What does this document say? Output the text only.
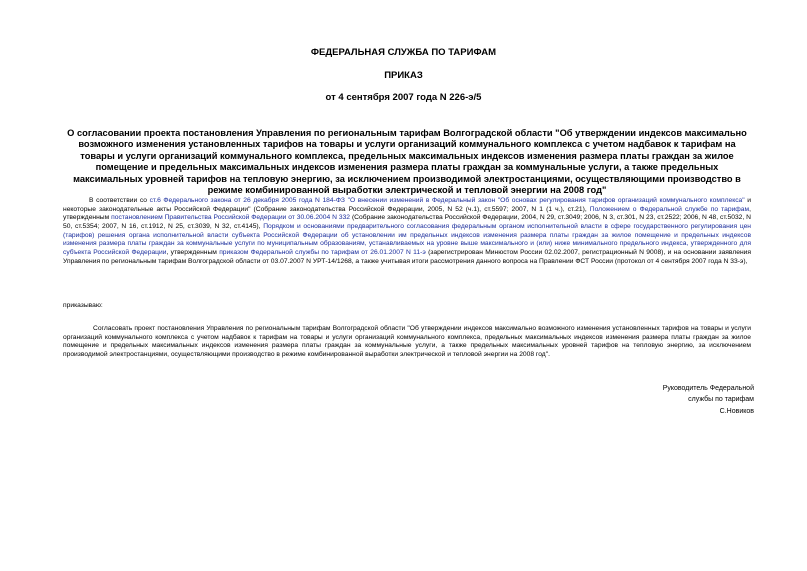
ФЕДЕРАЛЬНАЯ СЛУЖБА ПО ТАРИФАМ
ПРИКАЗ
от 4 сентября 2007 года N 226-э/5
О согласовании проекта постановления Управления по региональным тарифам Волгоградской области "Об утверждении индексов максимально возможного изменения установленных тарифов на товары и услуги организаций коммунального комплекса с учетом надбавок к тарифам на товары и услуги организаций коммунального комплекса, предельных максимальных индексов изменения размера платы граждан за жилое помещение и предельных максимальных индексов изменения размера платы граждан за коммунальные услуги, а также предельных максимальных уровней тарифов на тепловую энергию, за исключением производимой электростанциями, осуществляющими производство в режиме комбинированной выработки электрической и тепловой энергии на 2008 год"
В соответствии со ст.6 Федерального закона от 26 декабря 2005 года N 184-ФЗ "О внесении изменений в Федеральный закон "Об основах регулирования тарифов организаций коммунального комплекса" и некоторые законодательные акты Российской Федерации" (Собрание законодательства Российской Федерации, 2005, N 52 (ч.1), ст.5597; 2007, N 1 (1 ч.), ст.21), Положением о Федеральной службе по тарифам, утвержденным постановлением Правительства Российской Федерации от 30.06.2004 N 332 (Собрание законодательства Российской Федерации, 2004, N 29, ст.3049; 2006, N 3, ст.301, N 23, ст.2522; 2006, N 48, ст.5032, N 50, ст.5354; 2007, N 16, ст.1912, N 25, ст.3039, N 32, ст.4145), Порядком и основаниями предварительного согласования федеральным органом исполнительной власти в сфере государственного регулирования цен (тарифов) решения органа исполнительной власти субъекта Российской Федерации об установлении им предельных индексов изменения размера платы граждан за жилое помещение и предельных индексов изменения размера платы граждан за коммунальные услуги по муниципальным образованиям, устанавливаемых на уровне выше максимального и (или) ниже минимального предельного индекса, утвержденного для субъекта Российской Федерации, утвержденным приказом Федеральной службы по тарифам от 26.01.2007 N 11-э (зарегистрирован Минюстом России 02.02.2007, регистрационный N 9008), и на основании заявления Управления по региональным тарифам Волгоградской области от 03.07.2007 N УРТ-14/1268, а также учитывая итоги рассмотрения данного вопроса на Правлении ФСТ России (протокол от 4 сентября 2007 года N 33-э),
приказываю:
Согласовать проект постановления Управления по региональным тарифам Волгоградской области "Об утверждении индексов максимально возможного изменения установленных тарифов на товары и услуги организаций коммунального комплекса с учетом надбавок к тарифам на товары и услуги организаций коммунального комплекса, предельных максимальных индексов изменения размера платы граждан за жилое помещение и предельных максимальных индексов изменения размера платы граждан за коммунальные услуги, а также предельных максимальных уровней тарифов на тепловую энергию, за исключением производимой электростанциями, осуществляющими производство в режиме комбинированной выработки электрической и тепловой энергии на 2008 год".
Руководитель Федеральной
службы по тарифам
С.Новиков
